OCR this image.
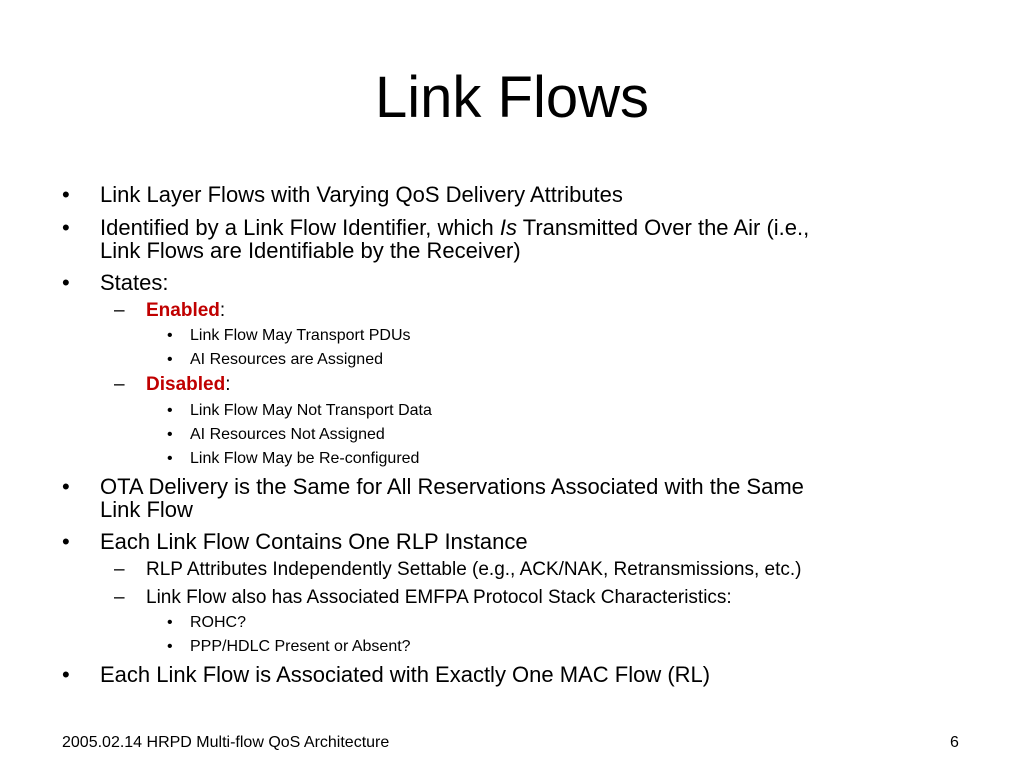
Link Flows
• Link Layer Flows with Varying QoS Delivery Attributes
• Identified by a Link Flow Identifier, which Is Transmitted Over the Air (i.e.,
Link Flows are Identifiable by the Receiver)
• States:
– Enabled:
• Link Flow May Transport PDUs
• AI Resources are Assigned
– Disabled:
• Link Flow May Not Transport Data
• AI Resources Not Assigned
• Link Flow May be Re-configured
• OTA Delivery is the Same for All Reservations Associated with the Same
Link Flow
• Each Link Flow Contains One RLP Instance
– RLP Attributes Independently Settable (e.g., ACK/NAK, Retransmissions, etc.)
– Link Flow also has Associated EMFPA Protocol Stack Characteristics:
• ROHC?
• PPP/HDLC Present or Absent?
• Each Link Flow is Associated with Exactly One MAC Flow (RL)
2005.02.14 HRPD Multi-flow QoS Architecture	6
